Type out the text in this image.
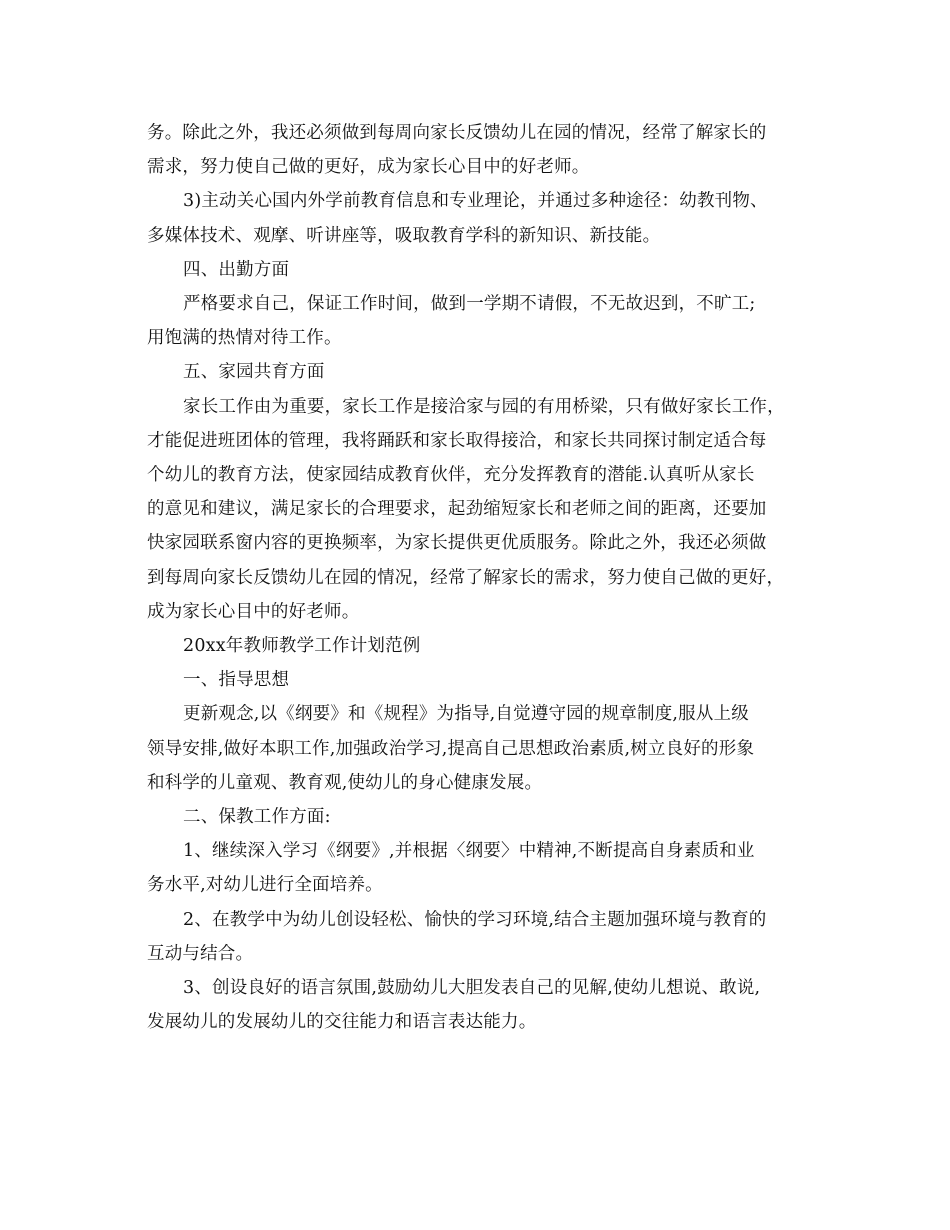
务。除此之外，我还必须做到每周向家长反馈幼儿在园的情况，经常了解家长的
需求，努力使自己做的更好，成为家长心目中的好老师。
3)主动关心国内外学前教育信息和专业理论，并通过多种途径：幼教刊物、
多媒体技术、观摩、听讲座等，吸取教育学科的新知识、新技能。
四、出勤方面
严格要求自己，保证工作时间，做到一学期不请假，不无故迟到，不旷工;
用饱满的热情对待工作。
五、家园共育方面
家长工作由为重要，家长工作是接洽家与园的有用桥梁，只有做好家长工作，
才能促进班团体的管理，我将踊跃和家长取得接洽，和家长共同探讨制定适合每
个幼儿的教育方法，使家园结成教育伙伴，充分发挥教育的潜能.认真听从家长
的意见和建议，满足家长的合理要求，起劲缩短家长和老师之间的距离，还要加
快家园联系窗内容的更换频率，为家长提供更优质服务。除此之外，我还必须做
到每周向家长反馈幼儿在园的情况，经常了解家长的需求，努力使自己做的更好，
成为家长心目中的好老师。
20xx年教师教学工作计划范例
一、指导思想
更新观念,以《纲要》和《规程》为指导,自觉遵守园的规章制度,服从上级
领导安排,做好本职工作,加强政治学习,提高自己思想政治素质,树立良好的形象
和科学的儿童观、教育观,使幼儿的身心健康发展。
二、保教工作方面:
1、继续深入学习《纲要》,并根据〈纲要〉中精神,不断提高自身素质和业
务水平,对幼儿进行全面培养。
2、在教学中为幼儿创设轻松、愉快的学习环境,结合主题加强环境与教育的
互动与结合。
3、创设良好的语言氛围,鼓励幼儿大胆发表自己的见解,使幼儿想说、敢说,
发展幼儿的发展幼儿的交往能力和语言表达能力。
